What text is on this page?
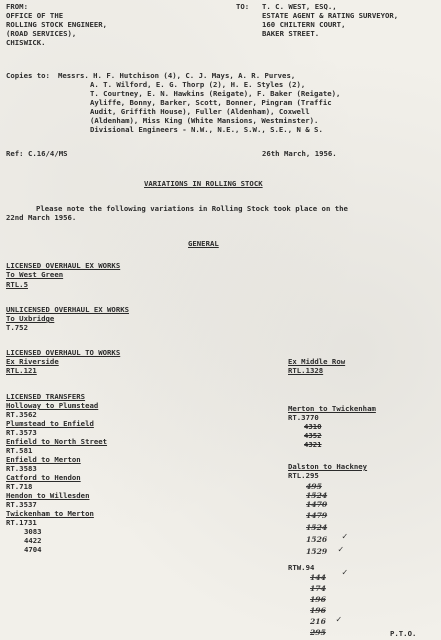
FROM:
OFFICE OF THE
ROLLING STOCK ENGINEER,
(ROAD SERVICES),
CHISWICK.
TO: T. C. WEST, ESQ.,
ESTATE AGENT & RATING SURVEYOR,
160 CHILTERN COURT,
BAKER STREET.
Copies to: Messrs. H. F. Hutchison (4), C. J. Mays, A. R. Purves,
A. T. Wilford, E. G. Thorp (2), H. E. Styles (2),
T. Courtney, E. N. Hawkins (Reigate), F. Baker (Reigate),
Ayliffe, Bonny, Barker, Scott, Bonner, Pingram (Traffic
Audit, Griffith House), Fuller (Aldenham), Coxwell
(Aldenham), Miss King (White Mansions, Westminster).
Divisional Engineers - N.W., N.E., S.W., S.E., N & S.
Ref: C.16/4/MS	26th March, 1956.
VARIATIONS IN ROLLING STOCK
Please note the following variations in Rolling Stock took place on the
22nd March 1956.
GENERAL
LICENSED OVERHAUL EX WORKS
To West Green
RTL.5
UNLICENSED OVERHAUL EX WORKS
To Uxbridge
T.752
LICENSED OVERHAUL TO WORKS
Ex Riverside
RTL.121
LICENSED TRANSFERS
Holloway to Plumstead
RT.3562
Plumstead to Enfield
RT.3573
Enfield to North Street
RT.581
Enfield to Merton
RT.3583
Catford to Hendon
RT.718
Hendon to Willesden
RT.3537
Twickenham to Merton
RT.1731
3083
4422
4704
Ex Middle Row
RTL.1328
Merton to Twickenham
RT.3770
4310
4352
4321
Dalston to Hackney
RTL.295
495
1524
1470
1479
1524
1526
1529
RTW.94
144
174
196
196
216
295
✓
✓
✓
✓
P.T.O.
